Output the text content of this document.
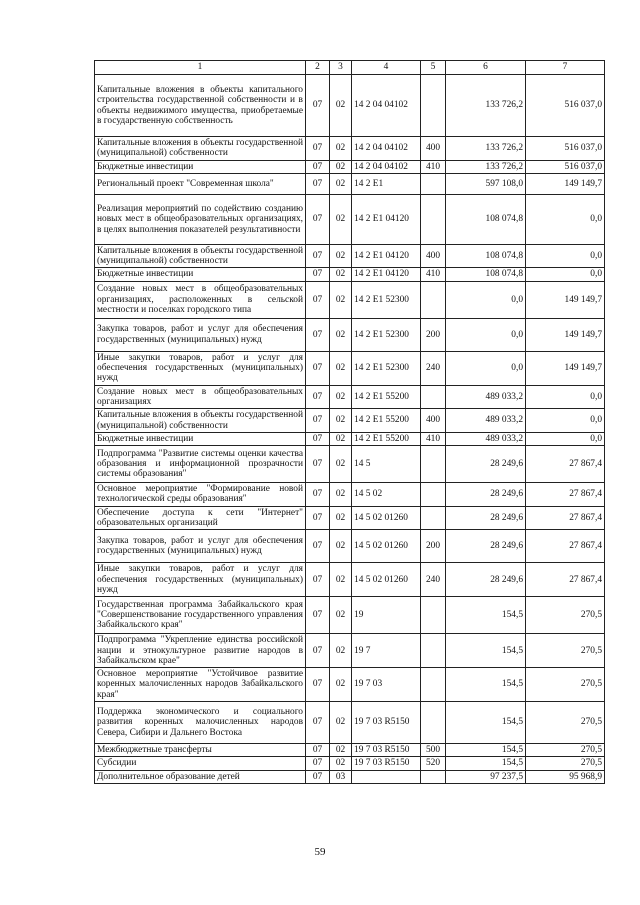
1	2	3	4	5	6	7
Капитальные вложения в объекты капитального строительства государственной собственности и в объекты недвижимого имущества, приобретаемые в государственную собственность	07	02	14 2 04 04102		133 726,2	516 037,0
Капитальные вложения в объекты государственной (муниципальной) собственности	07	02	14 2 04 04102	400	133 726,2	516 037,0
Бюджетные инвестиции	07	02	14 2 04 04102	410	133 726,2	516 037,0
Региональный проект "Современная школа"	07	02	14 2 E1		597 108,0	149 149,7
Реализация мероприятий по содействию созданию новых мест в общеобразовательных организациях, в целях выполнения показателей результативности	07	02	14 2 E1 04120		108 074,8	0,0
Капитальные вложения в объекты государственной (муниципальной) собственности	07	02	14 2 E1 04120	400	108 074,8	0,0
Бюджетные инвестиции	07	02	14 2 E1 04120	410	108 074,8	0,0
Создание новых мест в общеобразовательных организациях, расположенных в сельской местности и поселках городского типа	07	02	14 2 E1 52300		0,0	149 149,7
Закупка товаров, работ и услуг для обеспечения государственных (муниципальных) нужд	07	02	14 2 E1 52300	200	0,0	149 149,7
Иные закупки товаров, работ и услуг для обеспечения государственных (муниципальных) нужд	07	02	14 2 E1 52300	240	0,0	149 149,7
Создание новых мест в общеобразовательных организациях	07	02	14 2 E1 55200		489 033,2	0,0
Капитальные вложения в объекты государственной (муниципальной) собственности	07	02	14 2 E1 55200	400	489 033,2	0,0
Бюджетные инвестиции	07	02	14 2 E1 55200	410	489 033,2	0,0
Подпрограмма "Развитие системы оценки качества образования и информационной прозрачности системы образования"	07	02	14 5		28 249,6	27 867,4
Основное мероприятие "Формирование новой технологической среды образования"	07	02	14 5 02		28 249,6	27 867,4
Обеспечение доступа к сети "Интернет" образовательных организаций	07	02	14 5 02 01260		28 249,6	27 867,4
Закупка товаров, работ и услуг для обеспечения государственных (муниципальных) нужд	07	02	14 5 02 01260	200	28 249,6	27 867,4
Иные закупки товаров, работ и услуг для обеспечения государственных (муниципальных) нужд	07	02	14 5 02 01260	240	28 249,6	27 867,4
Государственная программа Забайкальского края "Совершенствование государственного управления Забайкальского края"	07	02	19		154,5	270,5
Подпрограмма "Укрепление единства российской нации и этнокультурное развитие народов в Забайкальском крае"	07	02	19 7		154,5	270,5
Основное мероприятие "Устойчивое развитие коренных малочисленных народов Забайкальского края"	07	02	19 7 03		154,5	270,5
Поддержка экономического и социального развития коренных малочисленных народов Севера, Сибири и Дальнего Востока	07	02	19 7 03 R5150		154,5	270,5
Межбюджетные трансферты	07	02	19 7 03 R5150	500	154,5	270,5
Субсидии	07	02	19 7 03 R5150	520	154,5	270,5
Дополнительное образование детей	07	03			97 237,5	95 968,9
59
